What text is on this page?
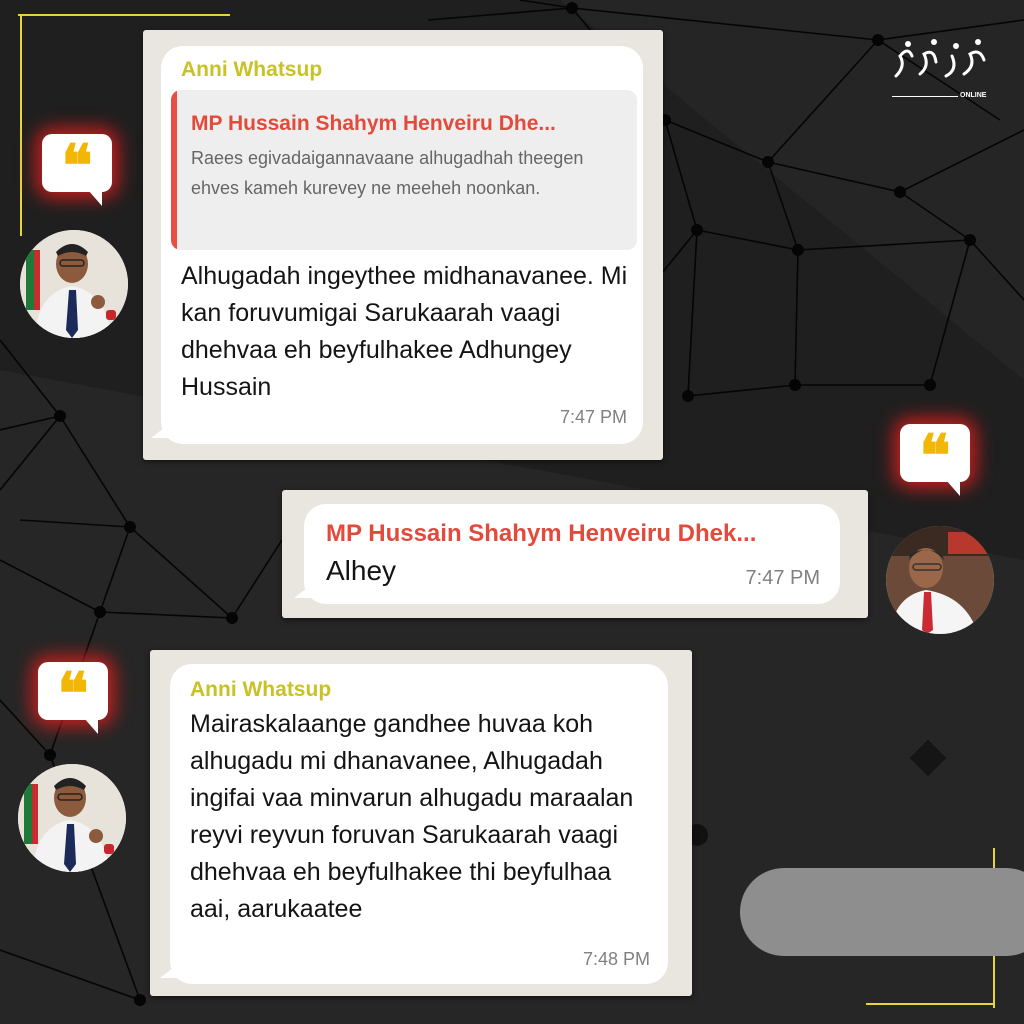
ONLINE
❝
Anni Whatsup
MP Hussain Shahym Henveiru Dhe...
Raees egivadaigannavaane alhugadhah theegen ehves kameh kurevey ne meeheh noonkan.
Alhugadah ingeythee midhanavanee. Mi kan foruvumigai Sarukaarah vaagi dhehvaa eh beyfulhakee Adhungey Hussain
7:47 PM
❝
MP Hussain Shahym Henveiru Dhek...
Alhey	7:47 PM
❝	Anni Whatsup
Mairaskalaange gandhee huvaa koh alhugadu mi dhanavanee, Alhugadah ingifai vaa minvarun alhugadu maraalan reyvi reyvun foruvan Sarukaarah vaagi dhehvaa eh beyfulhakee thi beyfulhaa aai, aarukaatee
7:48 PM
